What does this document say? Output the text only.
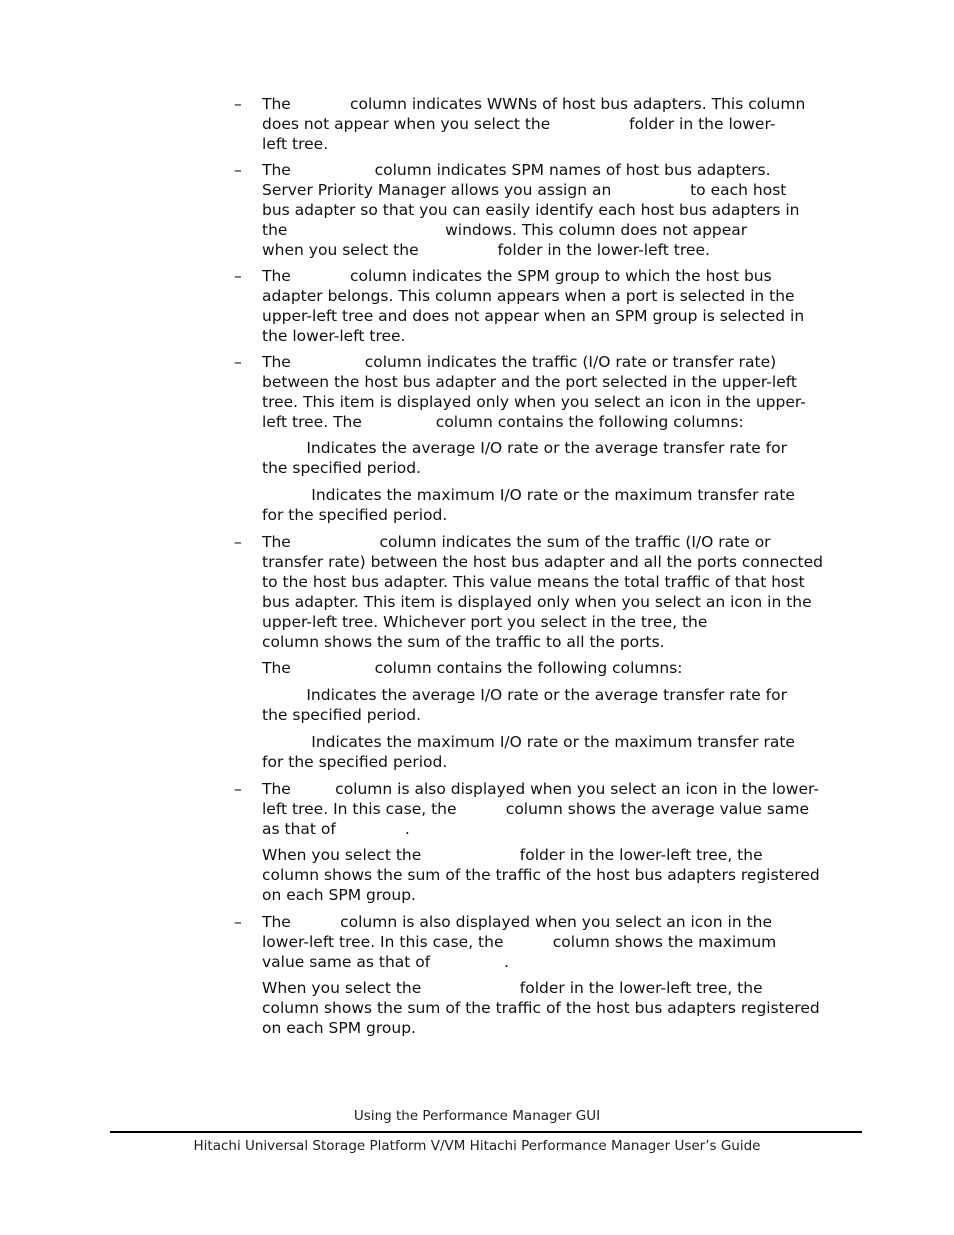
–	The            column indicates WWNs of host bus adapters. This column
does not appear when you select the                folder in the lower-
left tree.
–	The                 column indicates SPM names of host bus adapters.
Server Priority Manager allows you assign an                to each host
bus adapter so that you can easily identify each host bus adapters in
the                                windows. This column does not appear
when you select the                folder in the lower-left tree.
–	The            column indicates the SPM group to which the host bus
adapter belongs. This column appears when a port is selected in the
upper-left tree and does not appear when an SPM group is selected in
the lower-left tree.
–	The               column indicates the traffic (I/O rate or transfer rate)
between the host bus adapter and the port selected in the upper-left
tree. This item is displayed only when you select an icon in the upper-
left tree. The               column contains the following columns:
Indicates the average I/O rate or the average transfer rate for
the specified period.
Indicates the maximum I/O rate or the maximum transfer rate
for the specified period.
–	The                  column indicates the sum of the traffic (I/O rate or
transfer rate) between the host bus adapter and all the ports connected
to the host bus adapter. This value means the total traffic of that host
bus adapter. This item is displayed only when you select an icon in the
upper-left tree. Whichever port you select in the tree, the
column shows the sum of the traffic to all the ports.
The                 column contains the following columns:
Indicates the average I/O rate or the average transfer rate for
the specified period.
Indicates the maximum I/O rate or the maximum transfer rate
for the specified period.
–	The         column is also displayed when you select an icon in the lower-
left tree. In this case, the          column shows the average value same
as that of              .
When you select the                    folder in the lower-left tree, the
column shows the sum of the traffic of the host bus adapters registered
on each SPM group.
–	The          column is also displayed when you select an icon in the
lower-left tree. In this case, the          column shows the maximum
value same as that of               .
When you select the                    folder in the lower-left tree, the
column shows the sum of the traffic of the host bus adapters registered
on each SPM group.
Using the Performance Manager GUI
Hitachi Universal Storage Platform V/VM Hitachi Performance Manager User’s Guide
